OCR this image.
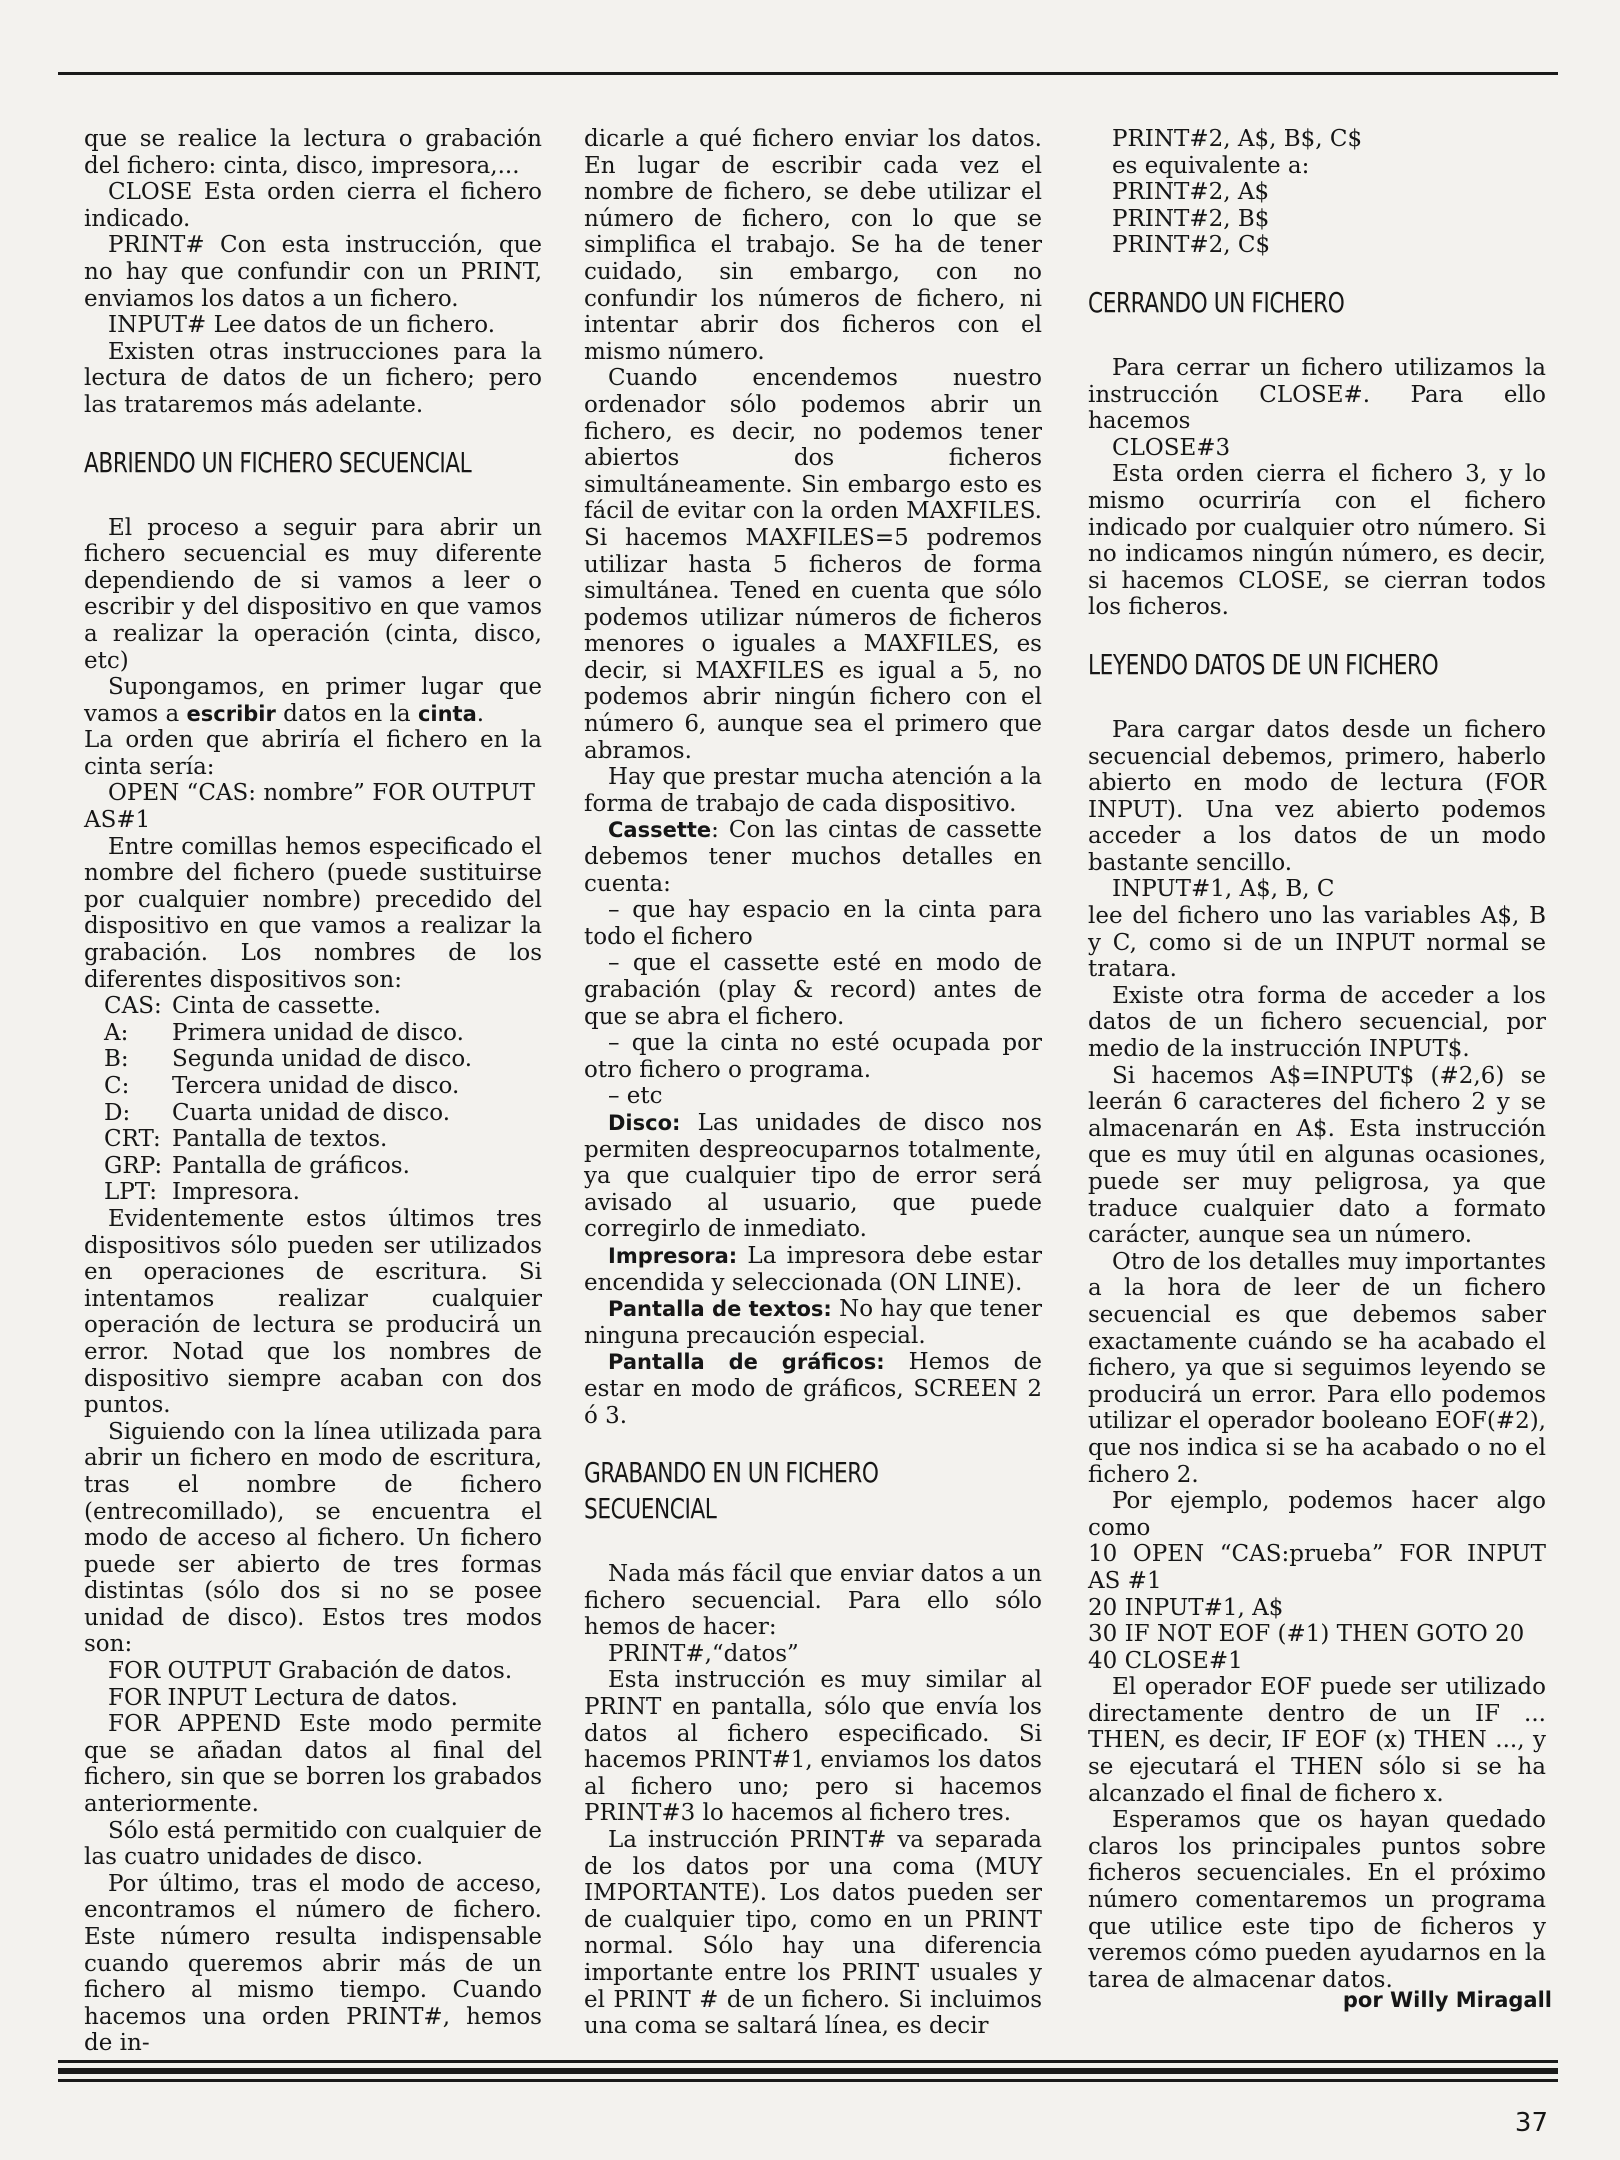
que se realice la lectura o grabación del fichero: cinta, disco, impresora,...

CLOSE Esta orden cierra el fichero indicado.

PRINT# Con esta instrucción, que no hay que confundir con un PRINT, enviamos los datos a un fichero.

INPUT# Lee datos de un fichero.

Existen otras instrucciones para la lectura de datos de un fichero; pero las trataremos más adelante.

ABRIENDO UN FICHERO SECUENCIAL

El proceso a seguir para abrir un fichero secuencial es muy diferente dependiendo de si vamos a leer o escribir y del dispositivo en que vamos a realizar la operación (cinta, disco, etc)

Supongamos, en primer lugar que vamos a escribir datos en la cinta.

La orden que abriría el fichero en la cinta sería:

OPEN “CAS: nombre” FOR OUTPUT AS#1

Entre comillas hemos especificado el nombre del fichero (puede sustituirse por cualquier nombre) precedido del dispositivo en que vamos a realizar la grabación. Los nombres de los diferentes dispositivos son:

CAS: Cinta de cassette.
A:	Primera unidad de disco.
B:	Segunda unidad de disco.
C:	Tercera unidad de disco.
D:	Cuarta unidad de disco.
CRT: Pantalla de textos.
GRP: Pantalla de gráficos.
LPT: Impresora.

Evidentemente estos últimos tres dispositivos sólo pueden ser utilizados en operaciones de escritura. Si intentamos realizar cualquier operación de lectura se producirá un error. Notad que los nombres de dispositivo siempre acaban con dos puntos.

Siguiendo con la línea utilizada para abrir un fichero en modo de escritura, tras el nombre de fichero (entrecomillado), se encuentra el modo de acceso al fichero. Un fichero puede ser abierto de tres formas distintas (sólo dos si no se posee unidad de disco). Estos tres modos son:

FOR OUTPUT Grabación de datos.

FOR INPUT Lectura de datos.

FOR APPEND Este modo permite que se añadan datos al final del fichero, sin que se borren los grabados anteriormente.

Sólo está permitido con cualquier de las cuatro unidades de disco.

Por último, tras el modo de acceso, encontramos el número de fichero. Este número resulta indispensable cuando queremos abrir más de un fichero al mismo tiempo. Cuando hacemos una orden PRINT#, hemos de in-

dicarle a qué fichero enviar los datos. En lugar de escribir cada vez el nombre de fichero, se debe utilizar el número de fichero, con lo que se simplifica el trabajo. Se ha de tener cuidado, sin embargo, con no confundir los números de fichero, ni intentar abrir dos ficheros con el mismo número.

Cuando encendemos nuestro ordenador sólo podemos abrir un fichero, es decir, no podemos tener abiertos dos ficheros simultáneamente. Sin embargo esto es fácil de evitar con la orden MAXFILES. Si hacemos MAXFILES=5 podremos utilizar hasta 5 ficheros de forma simultánea. Tened en cuenta que sólo podemos utilizar números de ficheros menores o iguales a MAXFILES, es decir, si MAXFILES es igual a 5, no podemos abrir ningún fichero con el número 6, aunque sea el primero que abramos.

Hay que prestar mucha atención a la forma de trabajo de cada dispositivo.

Cassette: Con las cintas de cassette debemos tener muchos detalles en cuenta:

– que hay espacio en la cinta para todo el fichero

– que el cassette esté en modo de grabación (play & record) antes de que se abra el fichero.

– que la cinta no esté ocupada por otro fichero o programa.

– etc

Disco: Las unidades de disco nos permiten despreocuparnos totalmente, ya que cualquier tipo de error será avisado al usuario, que puede corregirlo de inmediato.

Impresora: La impresora debe estar encendida y seleccionada (ON LINE).

Pantalla de textos: No hay que tener ninguna precaución especial.

Pantalla de gráficos: Hemos de estar en modo de gráficos, SCREEN 2 ó 3.

GRABANDO EN UN FICHERO SECUENCIAL

Nada más fácil que enviar datos a un fichero secuencial. Para ello sólo hemos de hacer:

PRINT#,“datos”

Esta instrucción es muy similar al PRINT en pantalla, sólo que envía los datos al fichero especificado. Si hacemos PRINT#1, enviamos los datos al fichero uno; pero si hacemos PRINT#3 lo hacemos al fichero tres.

La instrucción PRINT# va separada de los datos por una coma (MUY IMPORTANTE). Los datos pueden ser de cualquier tipo, como en un PRINT normal. Sólo hay una diferencia importante entre los PRINT usuales y el PRINT # de un fichero. Si incluimos una coma se saltará línea, es decir

PRINT#2, A$, B$, C$

es equivalente a:

PRINT#2, A$

PRINT#2, B$

PRINT#2, C$

CERRANDO UN FICHERO

Para cerrar un fichero utilizamos la instrucción CLOSE#. Para ello hacemos

CLOSE#3

Esta orden cierra el fichero 3, y lo mismo ocurriría con el fichero indicado por cualquier otro número. Si no indicamos ningún número, es decir, si hacemos CLOSE, se cierran todos los ficheros.

LEYENDO DATOS DE UN FICHERO

Para cargar datos desde un fichero secuencial debemos, primero, haberlo abierto en modo de lectura (FOR INPUT). Una vez abierto podemos acceder a los datos de un modo bastante sencillo.

INPUT#1, A$, B, C

lee del fichero uno las variables A$, B y C, como si de un INPUT normal se tratara.

Existe otra forma de acceder a los datos de un fichero secuencial, por medio de la instrucción INPUT$.

Si hacemos A$=INPUT$ (#2,6) se leerán 6 caracteres del fichero 2 y se almacenarán en A$. Esta instrucción que es muy útil en algunas ocasiones, puede ser muy peligrosa, ya que traduce cualquier dato a formato carácter, aunque sea un número.

Otro de los detalles muy importantes a la hora de leer de un fichero secuencial es que debemos saber exactamente cuándo se ha acabado el fichero, ya que si seguimos leyendo se producirá un error. Para ello podemos utilizar el operador booleano EOF(#2), que nos indica si se ha acabado o no el fichero 2.

Por ejemplo, podemos hacer algo como

10 OPEN “CAS:prueba” FOR INPUT AS #1

20 INPUT#1, A$

30 IF NOT EOF (#1) THEN GOTO 20

40 CLOSE#1

El operador EOF puede ser utilizado directamente dentro de un IF ... THEN, es decir, IF EOF (x) THEN ..., y se ejecutará el THEN sólo si se ha alcanzado el final de fichero x.

Esperamos que os hayan quedado claros los principales puntos sobre ficheros secuenciales. En el próximo número comentaremos un programa que utilice este tipo de ficheros y veremos cómo pueden ayudarnos en la tarea de almacenar datos.

por Willy Miragall
37
